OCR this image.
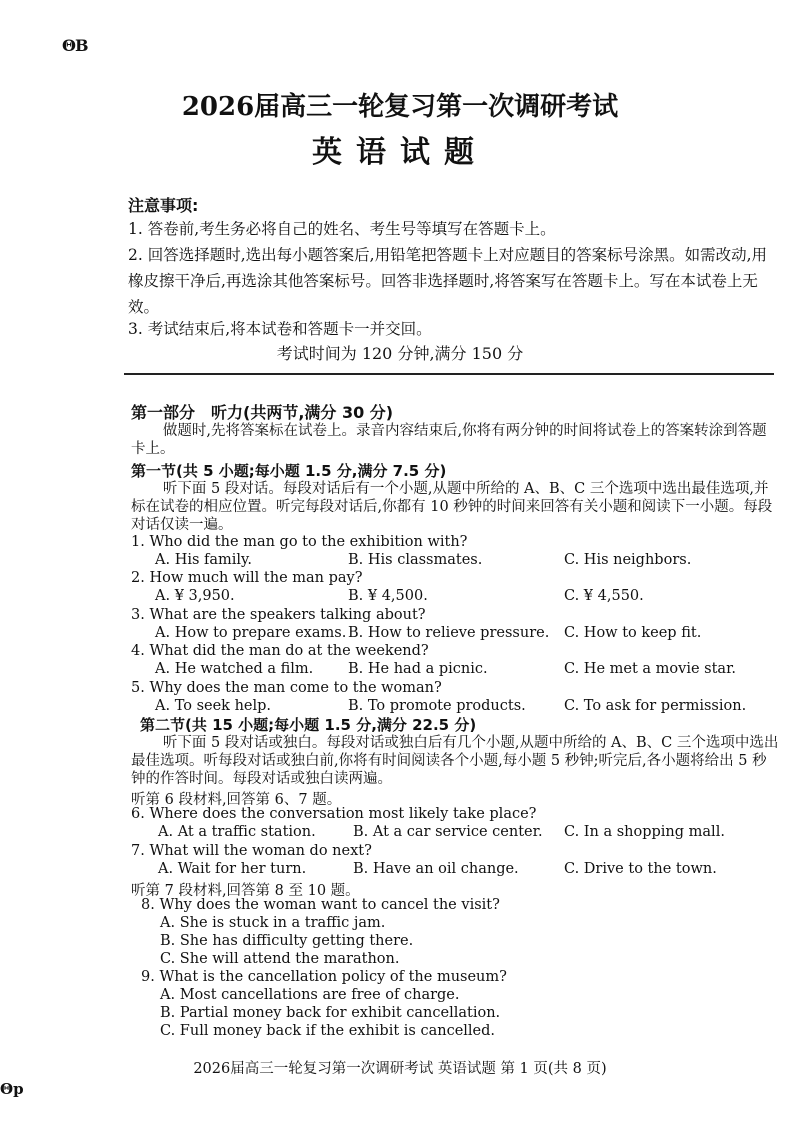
ΘB
2026届高三一轮复习第一次调研考试
英语试题
注意事项:
1. 答卷前,考生务必将自己的姓名、考生号等填写在答题卡上。
2. 回答选择题时,选出每小题答案后,用铅笔把答题卡上对应题目的答案标号涂黑。如需改动,用橡皮擦干净后,再选涂其他答案标号。回答非选择题时,将答案写在答题卡上。写在本试卷上无效。
3. 考试结束后,将本试卷和答题卡一并交回。
考试时间为 120 分钟,满分 150 分
第一部分　听力(共两节,满分 30 分)
做题时,先将答案标在试卷上。录音内容结束后,你将有两分钟的时间将试卷上的答案转涂到答题卡上。
第一节(共 5 小题;每小题 1.5 分,满分 7.5 分)
听下面 5 段对话。每段对话后有一个小题,从题中所给的 A、B、C 三个选项中选出最佳选项,并标在试卷的相应位置。听完每段对话后,你都有 10 秒钟的时间来回答有关小题和阅读下一小题。每段对话仅读一遍。
1. Who did the man go to the exhibition with?
A. His family.	B. His classmates.	C. His neighbors.
2. How much will the man pay?
A. ¥ 3,950.	B. ¥ 4,500.	C. ¥ 4,550.
3. What are the speakers talking about?
A. How to prepare exams. B. How to relieve pressure. C. How to keep fit.
4. What did the man do at the weekend?
A. He watched a film. B. He had a picnic.	C. He met a movie star.
5. Why does the man come to the woman?
A. To seek help.	B. To promote products.	C. To ask for permission.
第二节(共 15 小题;每小题 1.5 分,满分 22.5 分)
听下面 5 段对话或独白。每段对话或独白后有几个小题,从题中所给的 A、B、C 三个选项中选出最佳选项。听每段对话或独白前,你将有时间阅读各个小题,每小题 5 秒钟;听完后,各小题将给出 5 秒钟的作答时间。每段对话或独白读两遍。
听第 6 段材料,回答第 6、7 题。
6. Where does the conversation most likely take place?
A. At a traffic station.	B. At a car service center. C. In a shopping mall.
7. What will the woman do next?
A. Wait for her turn.	B. Have an oil change.	C. Drive to the town.
听第 7 段材料,回答第 8 至 10 题。
8. Why does the woman want to cancel the visit?
A. She is stuck in a traffic jam.
B. She has difficulty getting there.
C. She will attend the marathon.
9. What is the cancellation policy of the museum?
A. Most cancellations are free of charge.
B. Partial money back for exhibit cancellation.
C. Full money back if the exhibit is cancelled.
2026届高三一轮复习第一次调研考试 英语试题 第 1 页(共 8 页)
Θp
